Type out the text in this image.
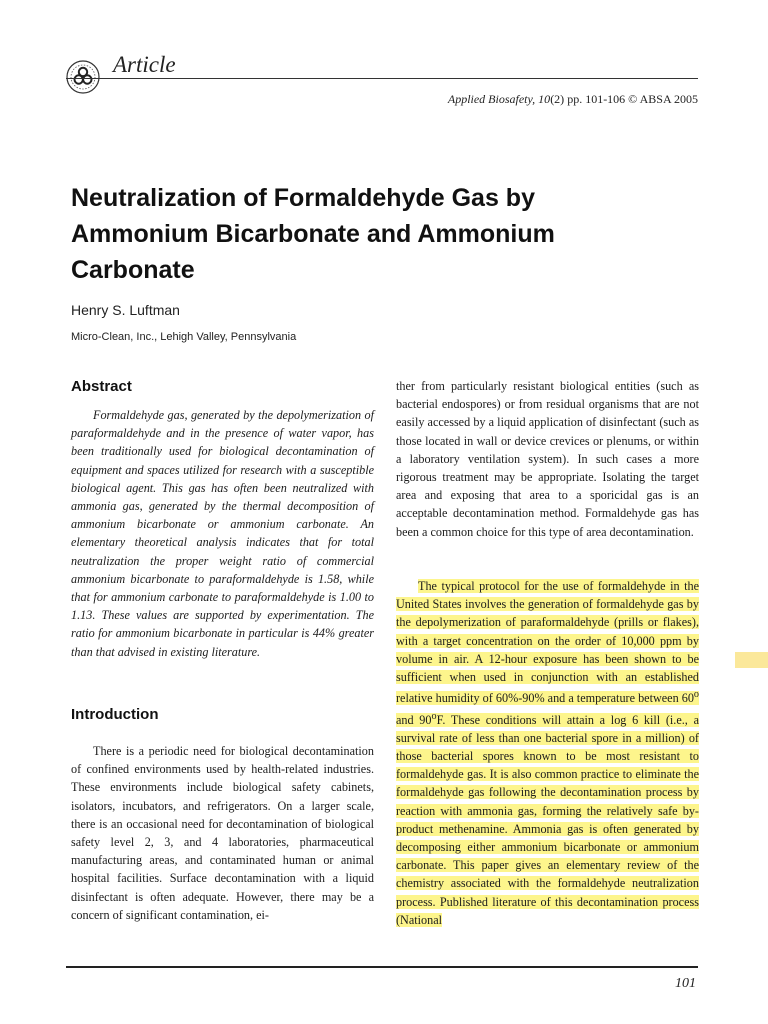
Article
Applied Biosafety, 10(2) pp. 101-106 © ABSA 2005
Neutralization of Formaldehyde Gas by Ammonium Bicarbonate and Ammonium Carbonate
Henry S. Luftman
Micro-Clean, Inc., Lehigh Valley, Pennsylvania
Abstract

Formaldehyde gas, generated by the depolymerization of paraformaldehyde and in the presence of water vapor, has been traditionally used for biological decontamination of equipment and spaces utilized for research with a susceptible biological agent. This gas has often been neutralized with ammonia gas, generated by the thermal decomposition of ammonium bicarbonate or ammonium carbonate. An elementary theoretical analysis indicates that for total neutralization the proper weight ratio of commercial ammonium bicarbonate to paraformaldehyde is 1.58, while that for ammonium carbonate to paraformaldehyde is 1.00 to 1.13. These values are supported by experimentation. The ratio for ammonium bicarbonate in particular is 44% greater than that advised in existing literature.

Introduction

There is a periodic need for biological decontamination of confined environments used by health-related industries. These environments include biological safety cabinets, isolators, incubators, and refrigerators. On a larger scale, there is an occasional need for decontamination of biological safety level 2, 3, and 4 laboratories, pharmaceutical manufacturing areas, and contaminated human or animal hospital facilities. Surface decontamination with a liquid disinfectant is often adequate. However, there may be a concern of significant contamination, ei-

ther from particularly resistant biological entities (such as bacterial endospores) or from residual organisms that are not easily accessed by a liquid application of disinfectant (such as those located in wall or device crevices or plenums, or within a laboratory ventilation system). In such cases a more rigorous treatment may be appropriate. Isolating the target area and exposing that area to a sporicidal gas is an acceptable decontamination method. Formaldehyde gas has been a common choice for this type of area decontamination.

The typical protocol for the use of formaldehyde in the United States involves the generation of formaldehyde gas by the depolymerization of paraformaldehyde (prills or flakes), with a target concentration on the order of 10,000 ppm by volume in air. A 12-hour exposure has been shown to be sufficient when used in conjunction with an established relative humidity of 60%-90% and a temperature between 60$^o$ and 90$^o$F. These conditions will attain a log 6 kill (i.e., a survival rate of less than one bacterial spore in a million) of those bacterial spores known to be most resistant to formaldehyde gas. It is also common practice to eliminate the formaldehyde gas following the decontamination process by reaction with ammonia gas, forming the relatively safe by-product methenamine. Ammonia gas is often generated by decomposing either ammonium bicarbonate or ammonium carbonate. This paper gives an elementary review of the chemistry associated with the formaldehyde neutralization process. Published literature of this decontamination process (National

101
